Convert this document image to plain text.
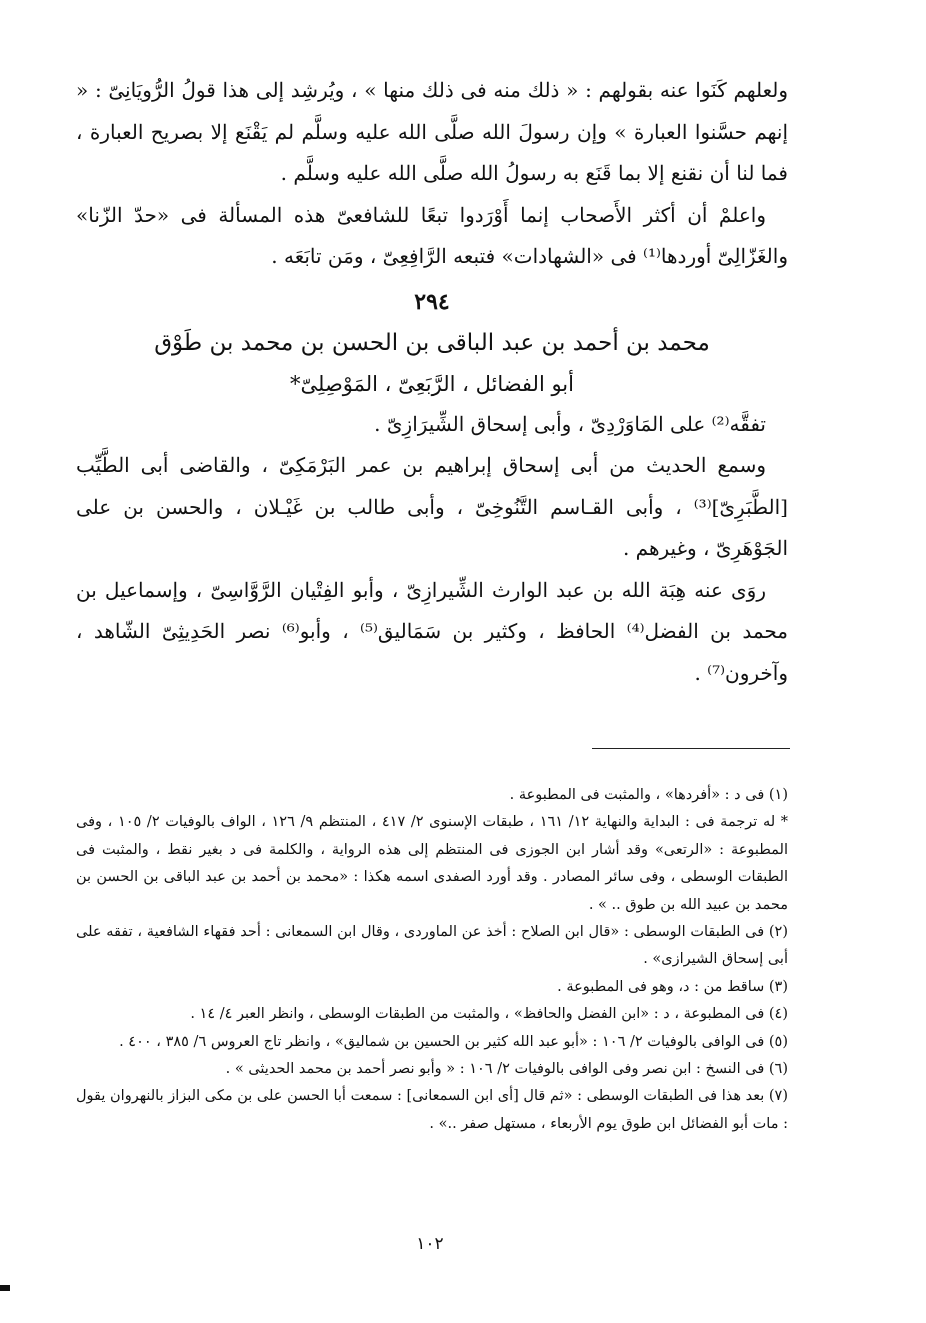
ولعلهم كَنَوا عنه بقولهم : « ذلك منه فى ذلك منها » ، ويُرشِد إلى هذا قولُ الرُّويَانِىّ : « إنهم حسَّنوا العبارة » وإن رسولَ الله صلَّى الله عليه وسلَّم لم يَقْنَع إلا بصريح العبارة ، فما لنا أن نقنع إلا بما قَنَع به رسولُ الله صلَّى الله عليه وسلَّم .

واعلمْ أن أكثر الأَصحاب إنما أَوْرَدوا تبعًا للشافعىّ هذه المسألة فى «حدّ الزّنا» والغَزّالِىّ أوردها⁽¹⁾ فى «الشهادات» فتبعه الرَّافِعِىّ ، ومَن تابَعَه .

٢٩٤
محمد بن أحمد بن عبد الباقى بن الحسن بن محمد بن طَوْق
أبو الفضائل ، الرَّبَعِىّ ، المَوْصِلِىّ*

تفقَّه⁽²⁾ على المَاوَرْدِىّ ، وأبى إسحاق الشِّيرَازِىّ .

وسمع الحديث من أبى إسحاق إبراهيم بن عمر البَرْمَكِىّ ، والقاضى أبى الطَّيِّب [الطَّبَرِىّ]⁽³⁾ ، وأبى القـاسم التَّنُوخِىّ ، وأبى طالب بن غَيْـلان ، والحسن بن على الجَوْهَرِىّ ، وغيرهم .

روَى عنه هِبَة الله بن عبد الوارث الشِّيرازِىّ ، وأبو الفِتْيان الرَّوَّاسِىّ ، وإسماعيل بن محمد بن الفضل⁽⁴⁾ الحافظ ، وكثير بن سَمَاليق⁽⁵⁾ ، وأبو⁽⁶⁾ نصر الحَدِيثِىّ الشّاهد ، وآخرون⁽⁷⁾ .

(١) فى د : «أفردها» ، والمثبت فى المطبوعة .

* له ترجمة فى : البداية والنهاية ١٢/ ١٦١ ، طبقات الإسنوى ٢/ ٤١٧ ، المنتظم ٩/ ١٢٦ ، الواف بالوفيات ٢/ ١٠٥ ، وفى المطبوعة : «الرتعى» وقد أشار ابن الجوزى فى المنتظم إلى هذه الرواية ، والكلمة فى د بغير نقط ، والمثبت فى الطبقات الوسطى ، وفى سائر المصادر . وقد أورد الصفدى اسمه هكذا : «محمد بن أحمد بن عبد الباقى بن الحسن بن محمد بن عبيد الله بن طوق .. » .

(٢) فى الطبقات الوسطى : «قال ابن الصلاح : أخذ عن الماوردى ، وقال ابن السمعانى : أحد فقهاء الشافعية ، تفقه على أبى إسحاق الشيرازى» .

(٣) ساقط من : د، وهو فى المطبوعة .

(٤) فى المطبوعة ، د : «ابن الفضل والحافظ» ، والمثبت من الطبقات الوسطى ، وانظر العبر ٤/ ١٤ .

(٥) فى الوافى بالوفيات ٢/ ١٠٦ : «أبو عبد الله كثير بن الحسين بن شماليق» ، وانظر تاج العروس ٦/ ٣٨٥ ، ٤٠٠ .

(٦) فى النسخ : ابن نصر وفى الوافى بالوفيات ٢/ ١٠٦ : « وأبو نصر أحمد بن محمد الحديثى » .

(٧) بعد هذا فى الطبقات الوسطى : «ثم قال [أى ابن السمعانى] : سمعت أبا الحسن على بن مكى البزاز بالنهروان يقول : مات أبو الفضائل ابن طوق يوم الأربعاء ، مستهل صفر ..» .

١٠٢
